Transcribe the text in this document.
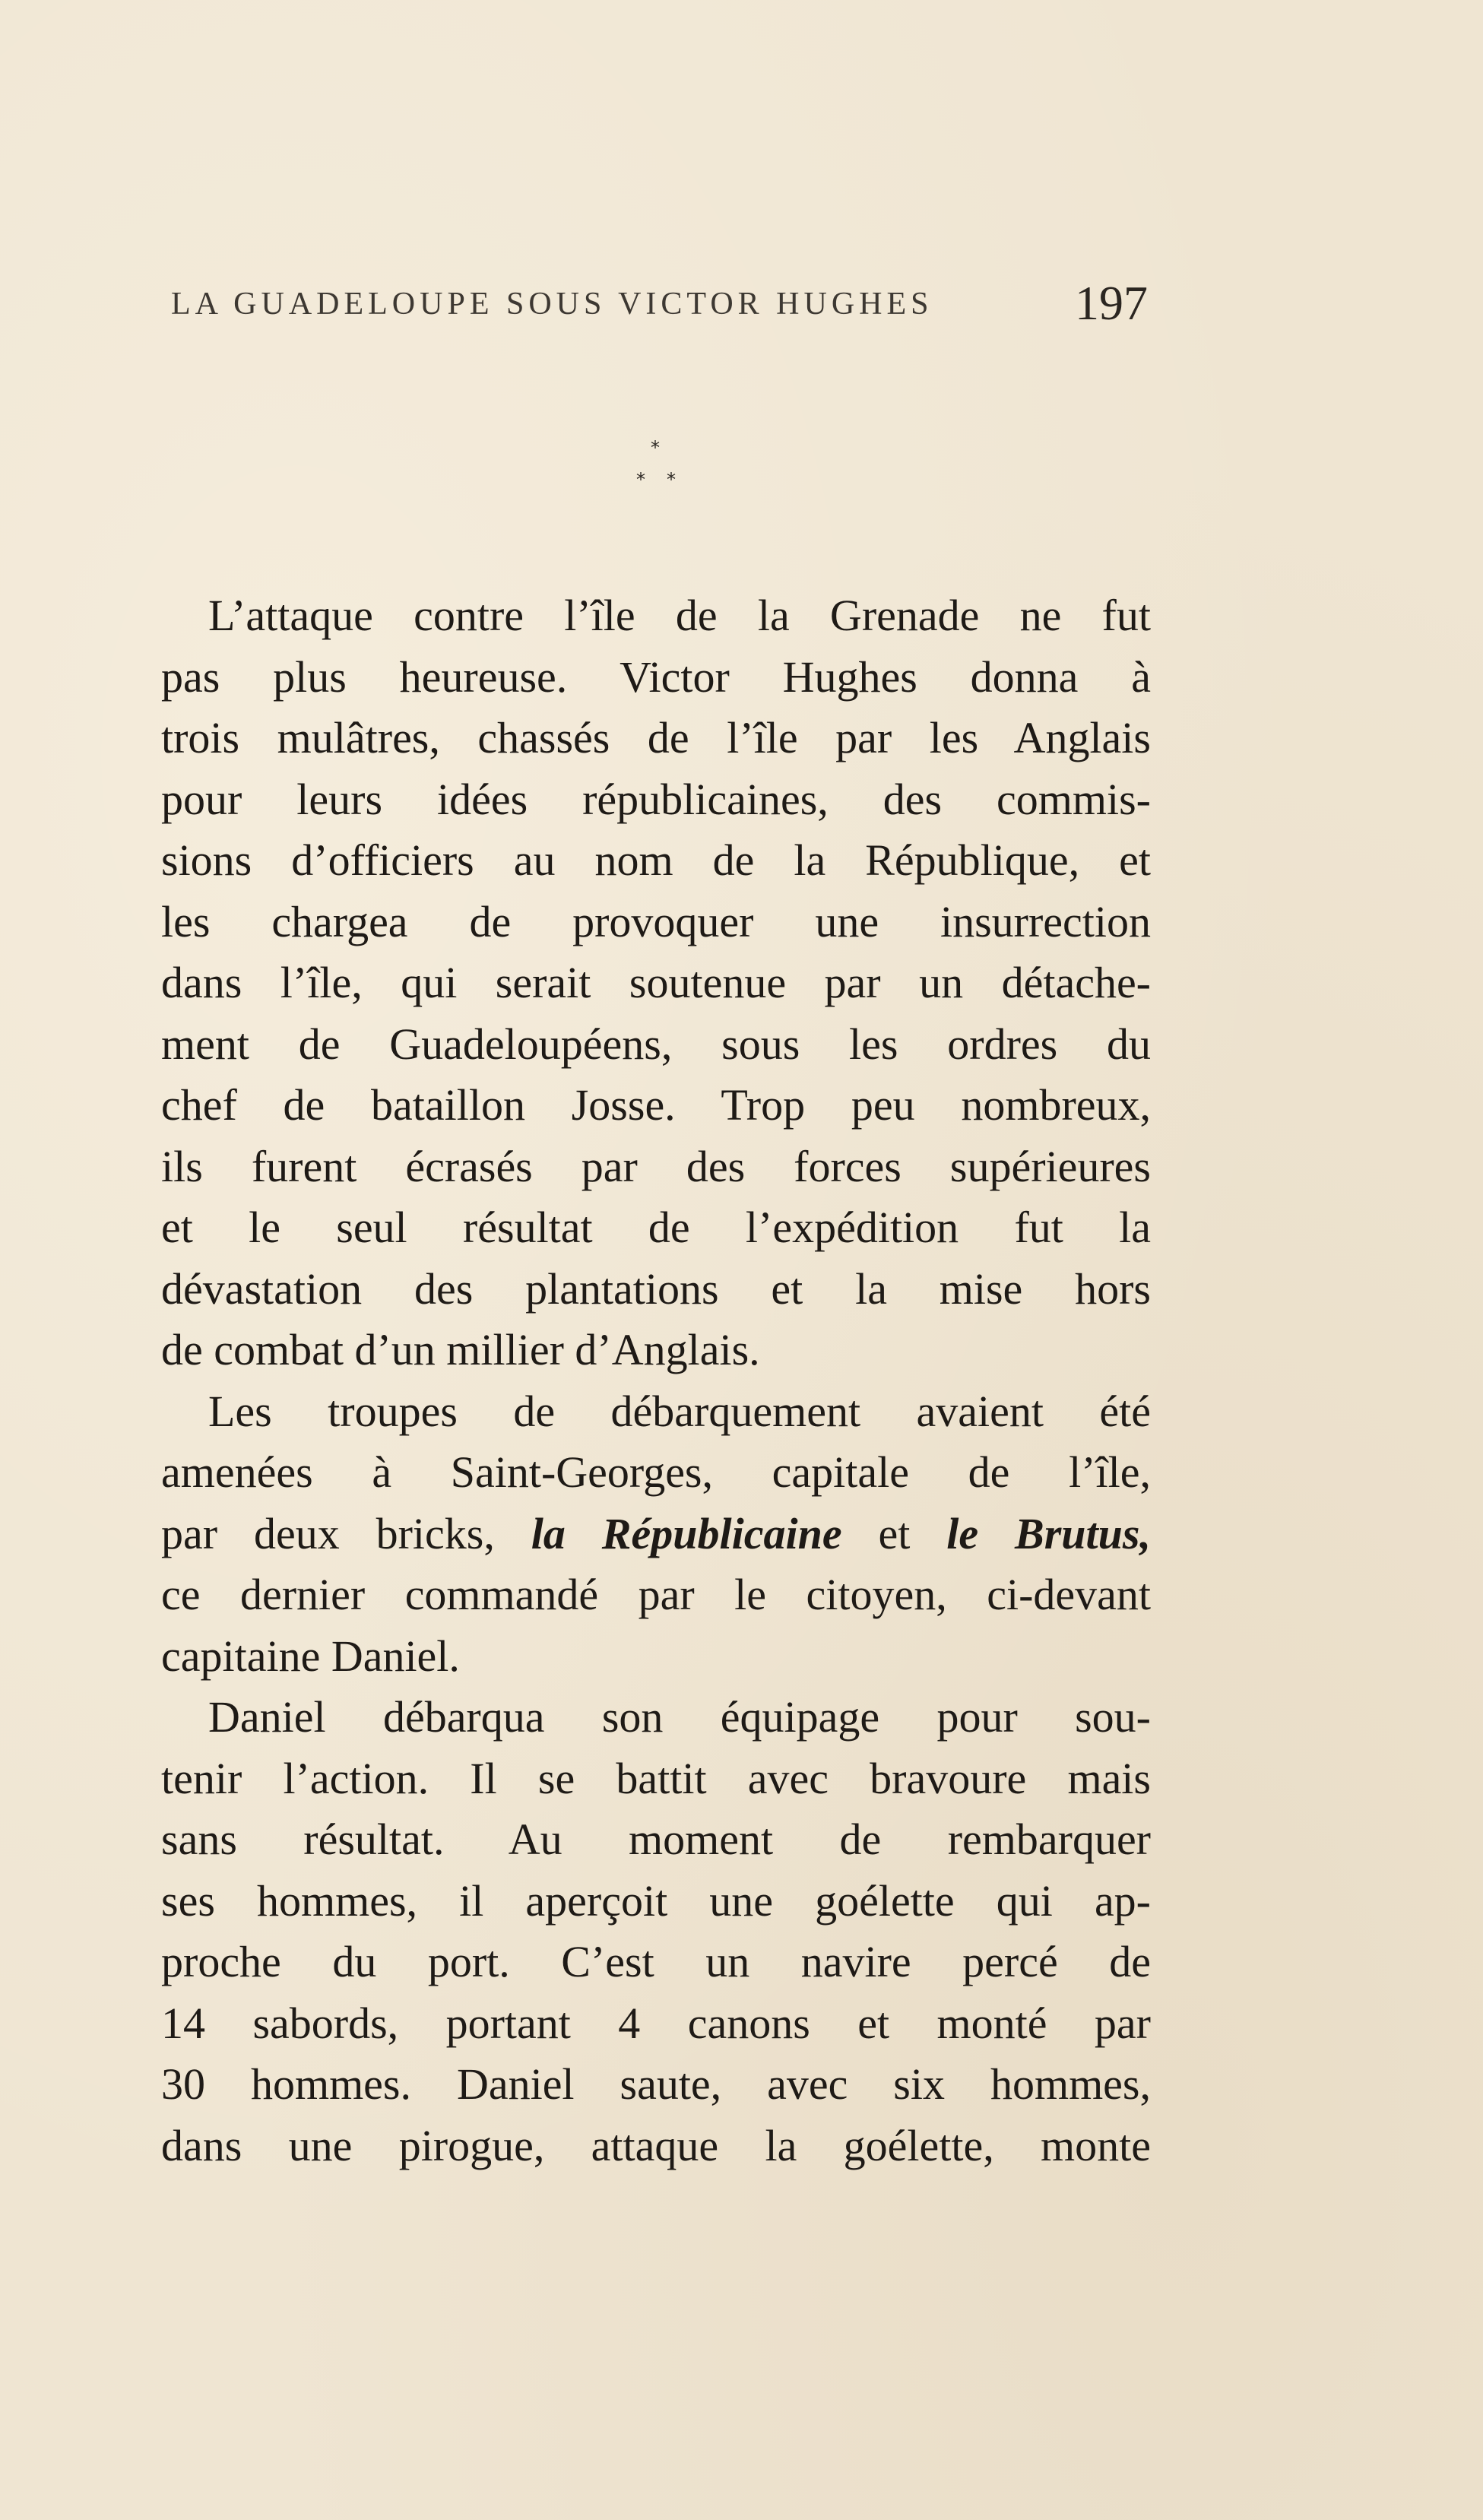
LA GUADELOUPE SOUS VICTOR HUGHES	197
*
* *
L’attaque contre l’île de la Grenade ne fut
pas plus heureuse. Victor Hughes donna à
trois mulâtres, chassés de l’île par les Anglais
pour leurs idées républicaines, des commis-
sions d’officiers au nom de la République, et
les chargea de provoquer une insurrection
dans l’île, qui serait soutenue par un détache-
ment de Guadeloupéens, sous les ordres du
chef de bataillon Josse. Trop peu nombreux,
ils furent écrasés par des forces supérieures
et le seul résultat de l’expédition fut la
dévastation des plantations et la mise hors
de combat d’un millier d’Anglais.
Les troupes de débarquement avaient été
amenées à Saint-Georges, capitale de l’île,
par deux bricks, la Républicaine et le Brutus,
ce dernier commandé par le citoyen, ci-devant
capitaine Daniel.
Daniel débarqua son équipage pour sou-
tenir l’action. Il se battit avec bravoure mais
sans résultat. Au moment de rembarquer
ses hommes, il aperçoit une goélette qui ap-
proche du port. C’est un navire percé de
14 sabords, portant 4 canons et monté par
30 hommes. Daniel saute, avec six hommes,
dans une pirogue, attaque la goélette, monte
